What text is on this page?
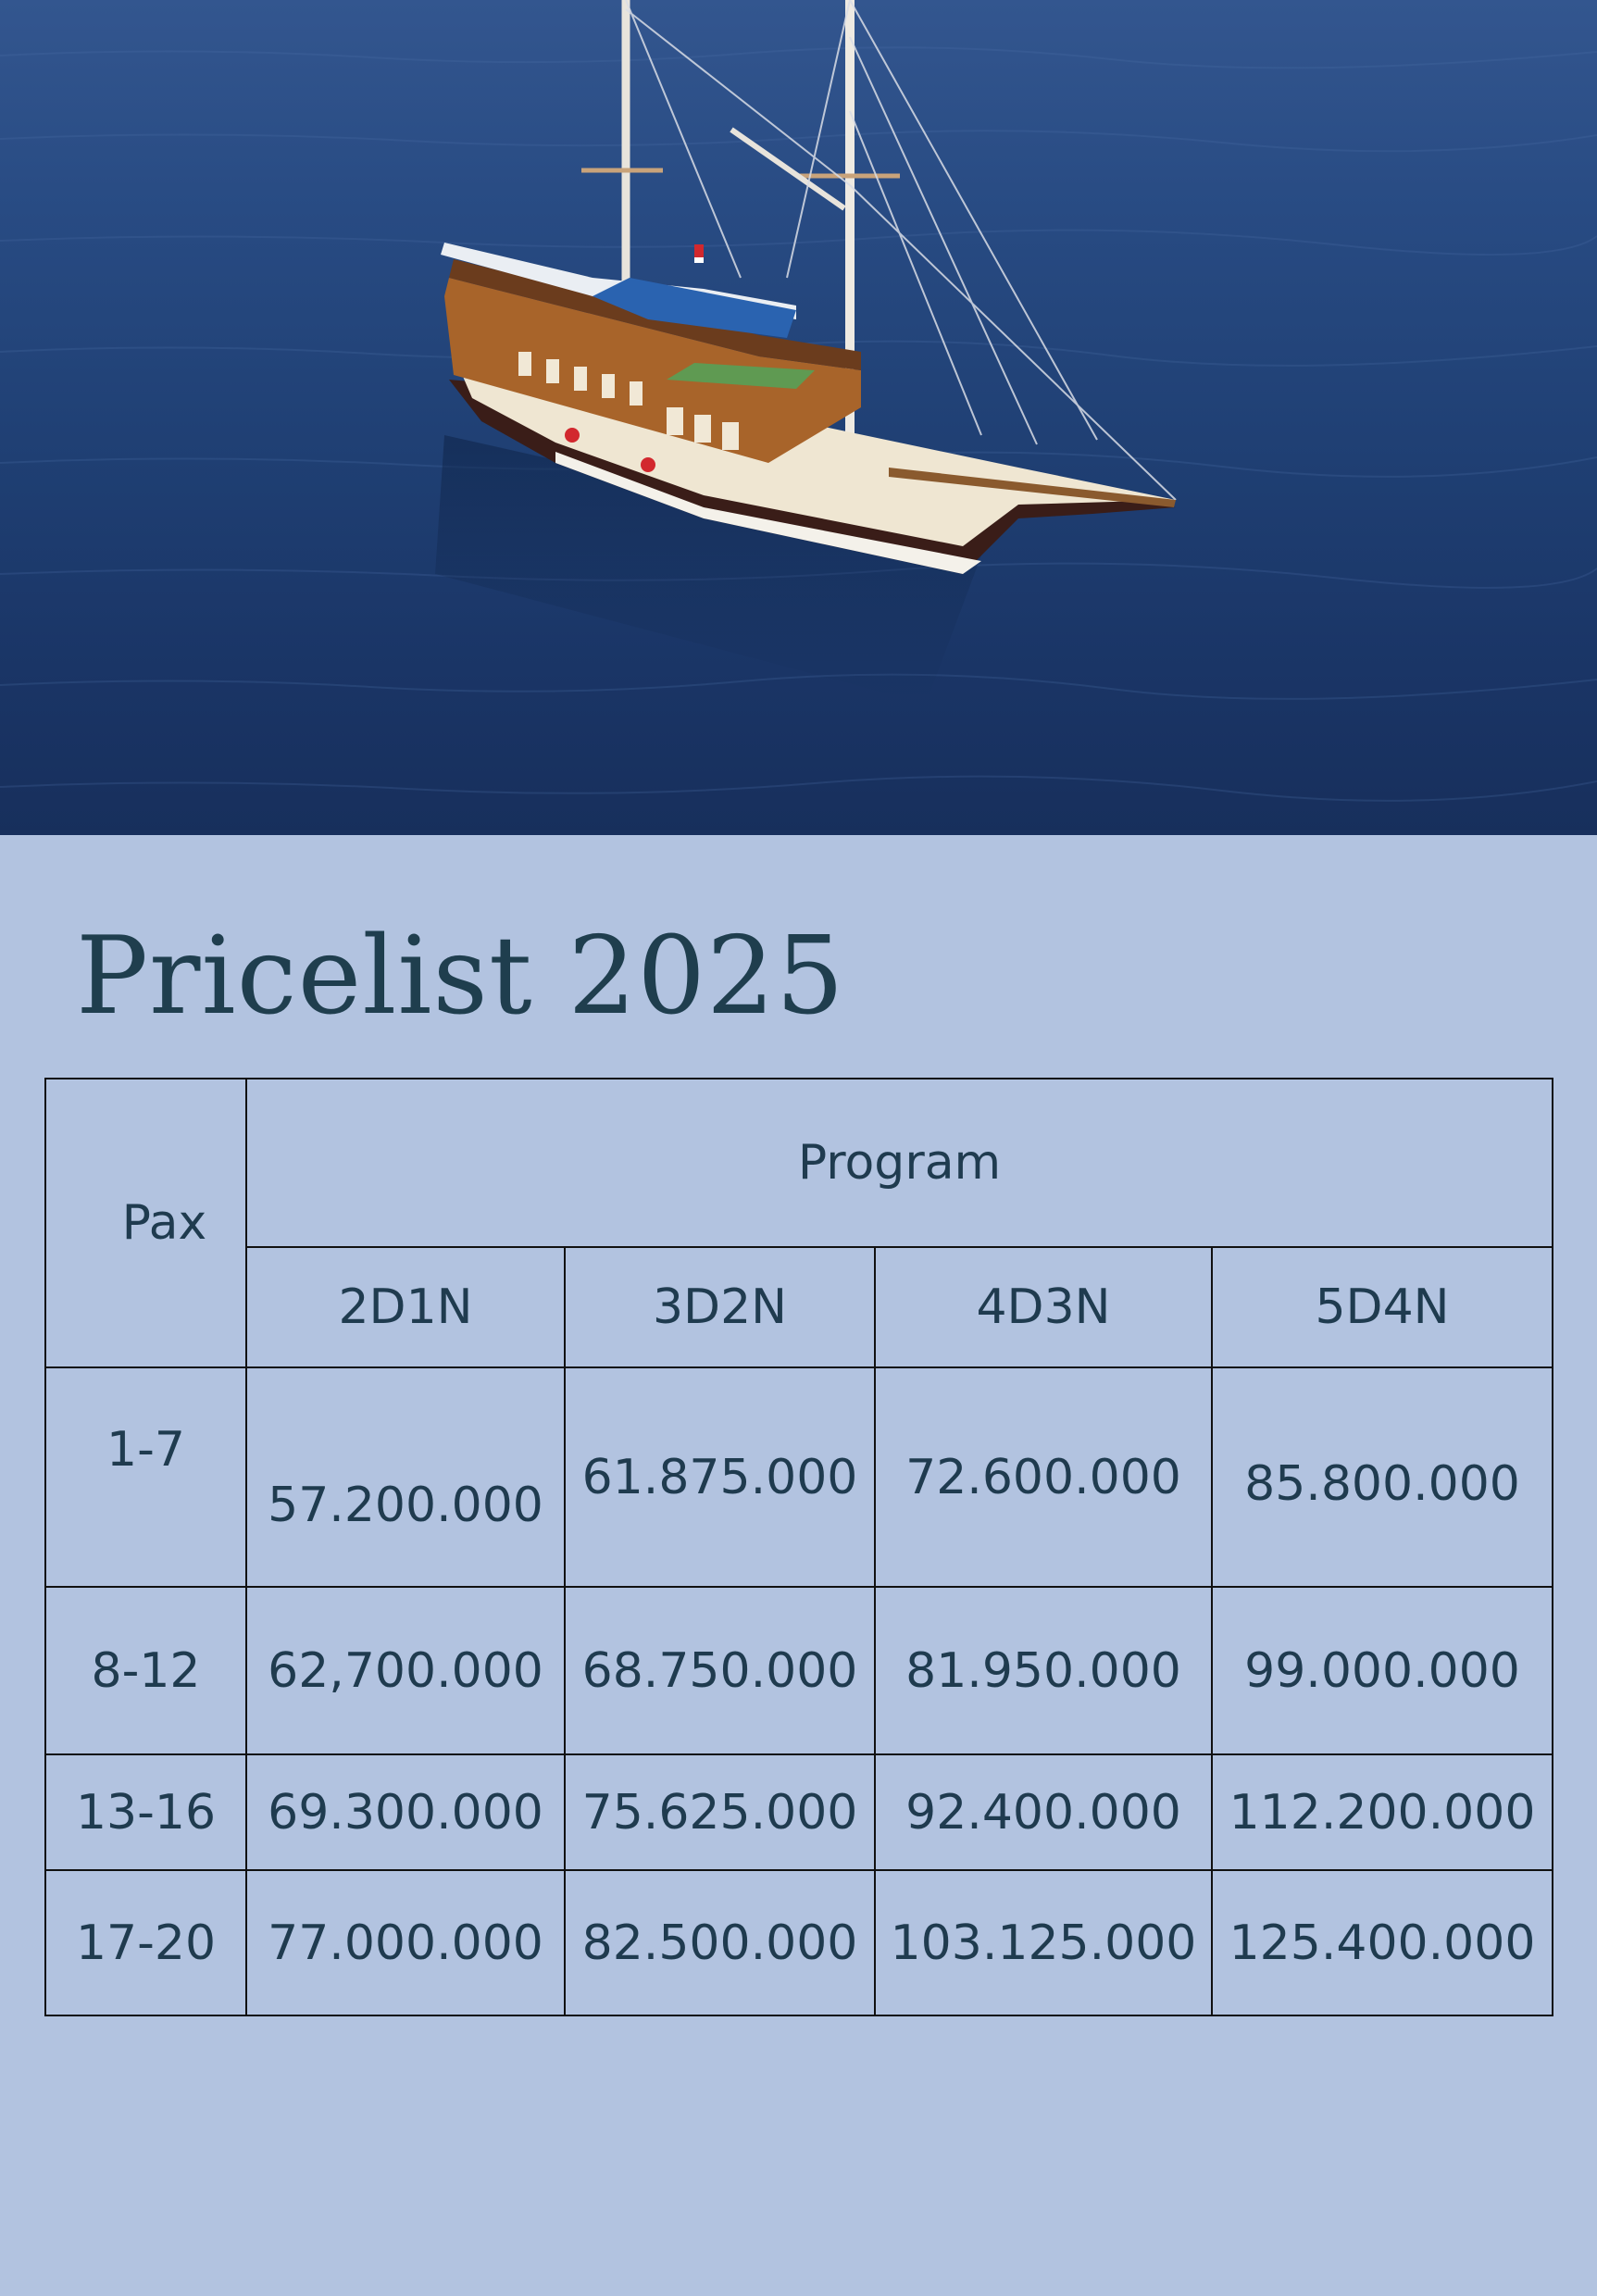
Pricelist 2025
Pax	Program			
	2D1N	3D2N	4D3N	5D4N
1-7	57.200.000	61.875.000	72.600.000	85.800.000
8-12	62,700.000	68.750.000	81.950.000	99.000.000
13-16	69.300.000	75.625.000	92.400.000	112.200.000
17-20	77.000.000	82.500.000	103.125.000	125.400.000
